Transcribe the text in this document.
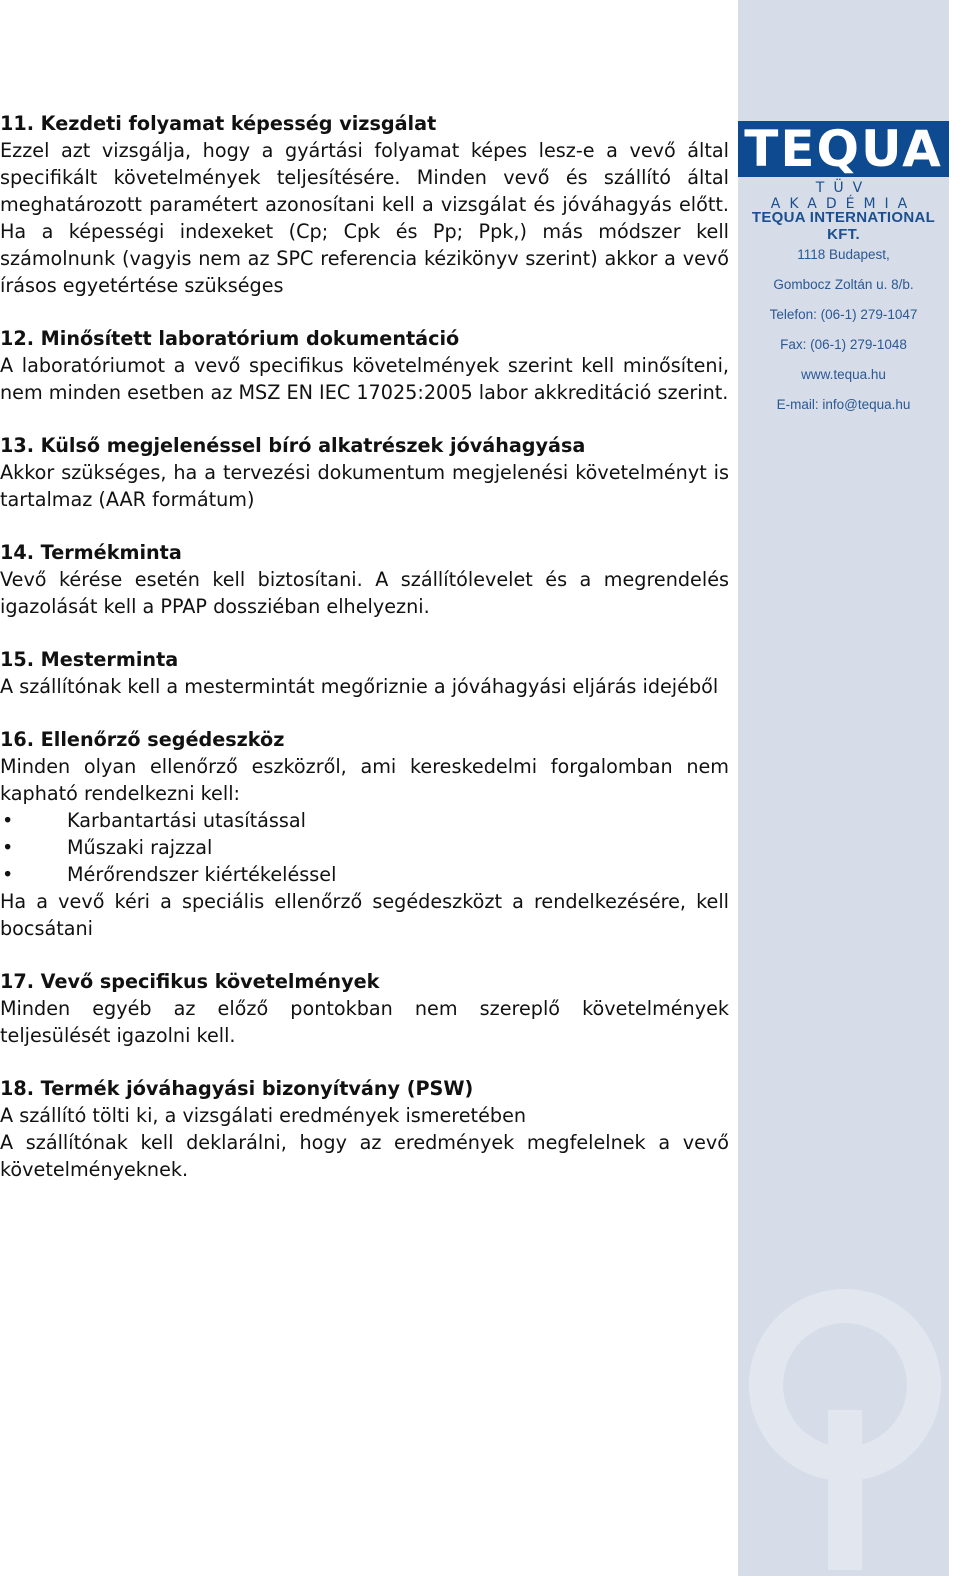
11. Kezdeti folyamat képesség vizsgálat

Ezzel azt vizsgálja, hogy a gyártási folyamat képes lesz-e a vevő által specifikált követelmények teljesítésére. Minden vevő és szállító által meghatározott paramétert azonosítani kell a vizsgálat és jóváhagyás előtt. Ha a képességi indexeket (Cp; Cpk és Pp; Ppk,) más módszer kell számolnunk (vagyis nem az SPC referencia kézikönyv szerint) akkor a vevő írásos egyetértése szükséges

12. Minősített laboratórium dokumentáció

A laboratóriumot a vevő specifikus követelmények szerint kell minősíteni, nem minden esetben az MSZ EN IEC 17025:2005 labor akkreditáció szerint.

13. Külső megjelenéssel bíró alkatrészek jóváhagyása

Akkor szükséges, ha a tervezési dokumentum megjelenési követelményt is tartalmaz (AAR formátum)

14. Termékminta

Vevő kérése esetén kell biztosítani. A szállítólevelet és a megrendelés igazolását kell a PPAP dossziéban elhelyezni.

15. Mesterminta

A szállítónak kell a mestermintát megőriznie a jóváhagyási eljárás idejéből

16. Ellenőrző segédeszköz

Minden olyan ellenőrző eszközről, ami kereskedelmi forgalomban nem kapható rendelkezni kell:

•	Karbantartási utasítással
•	Műszaki rajzzal
•	Mérőrendszer kiértékeléssel

Ha a vevő kéri a speciális ellenőrző segédeszközt a rendelkezésére, kell bocsátani

17. Vevő specifikus követelmények

Minden egyéb az előző pontokban nem szereplő követelmények teljesülését igazolni kell.

18. Termék jóváhagyási bizonyítvány (PSW)

A szállító tölti ki, a vizsgálati eredmények ismeretében

A szállítónak kell deklarálni, hogy az eredmények megfelelnek a vevő követelményeknek.

TEQUA
TÜV AKADÉMIA
TEQUA INTERNATIONAL KFT.
1118 Budapest,
Gombocz Zoltán u. 8/b.
Telefon: (06-1) 279-1047
Fax: (06-1) 279-1048
www.tequa.hu
E-mail: info@tequa.hu
